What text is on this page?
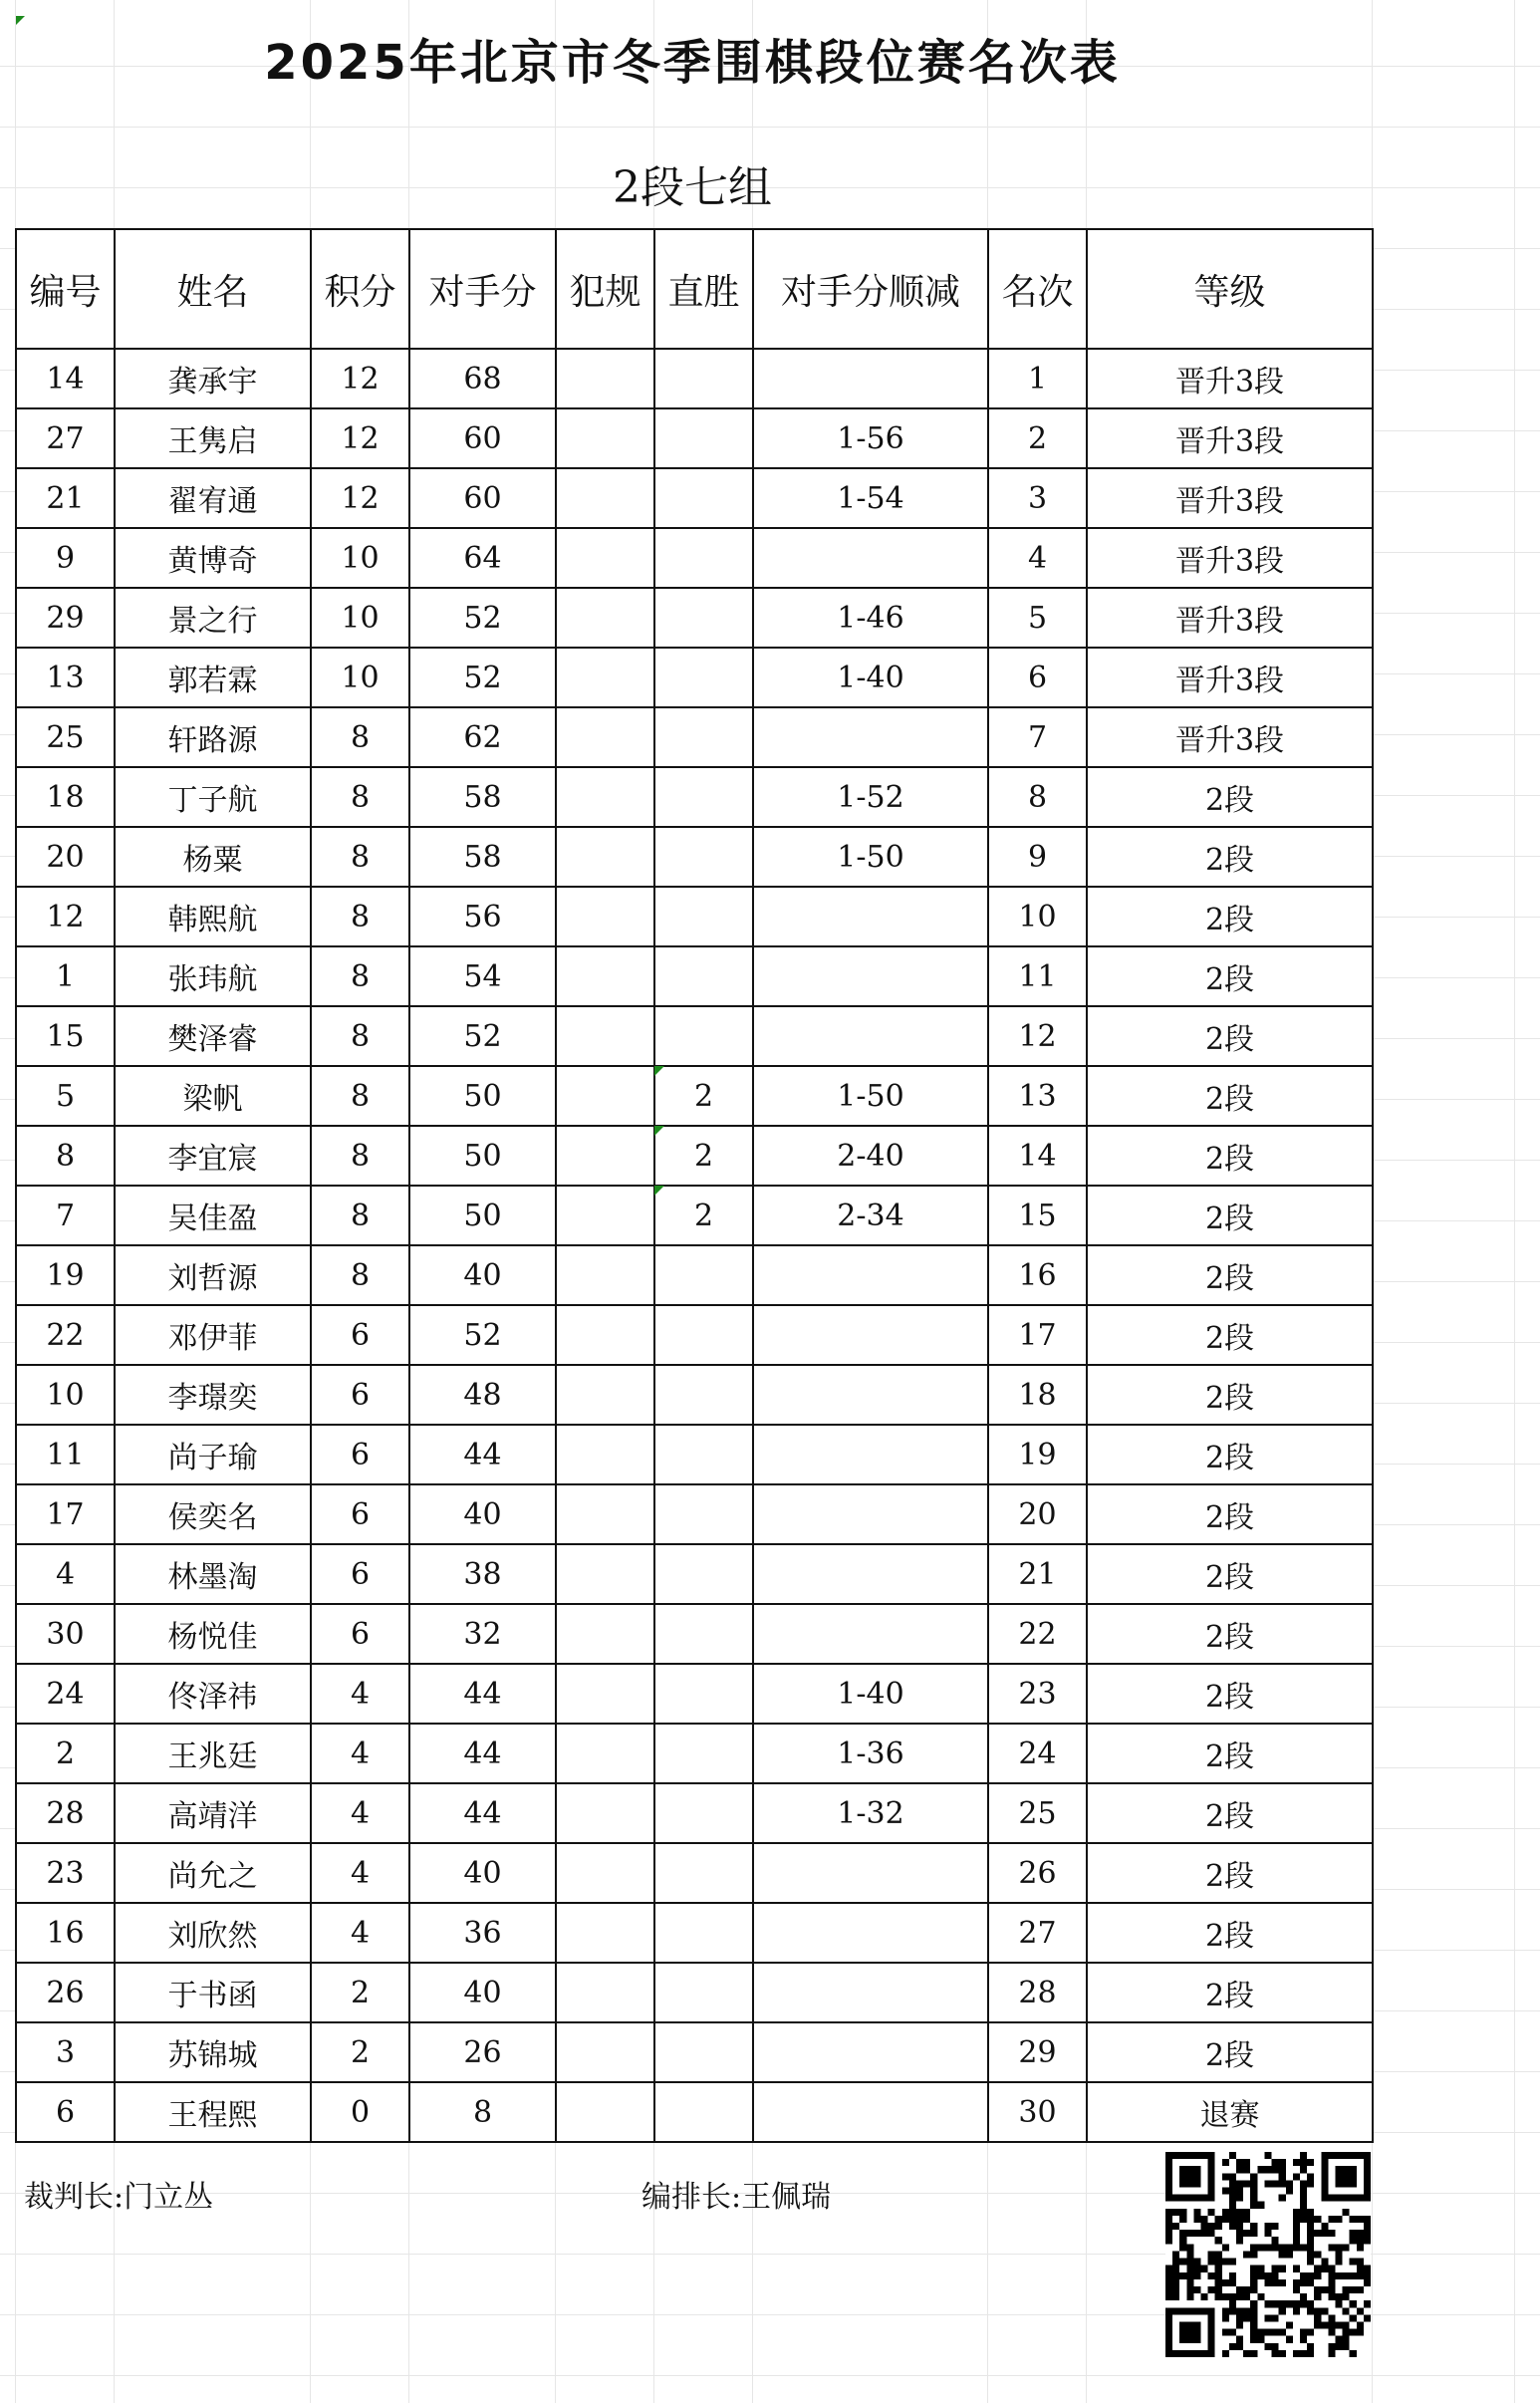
2025年北京市冬季围棋段位赛名次表
2段七组
编号	姓名	积分	对手分	犯规	直胜	对手分顺减	名次	等级
14	龚承宇	12	68				1	晋升3段
27	王隽启	12	60			1-56	2	晋升3段
21	翟宥通	12	60			1-54	3	晋升3段
9	黄博奇	10	64				4	晋升3段
29	景之行	10	52			1-46	5	晋升3段
13	郭若霖	10	52			1-40	6	晋升3段
25	轩路源	8	62				7	晋升3段
18	丁子航	8	58			1-52	8	2段
20	杨粟	8	58			1-50	9	2段
12	韩熙航	8	56				10	2段
1	张玮航	8	54				11	2段
15	樊泽睿	8	52				12	2段
5	梁帆	8	50		2	1-50	13	2段
8	李宜宸	8	50		2	2-40	14	2段
7	吴佳盈	8	50		2	2-34	15	2段
19	刘哲源	8	40				16	2段
22	邓伊菲	6	52				17	2段
10	李璟奕	6	48				18	2段
11	尚子瑜	6	44				19	2段
17	侯奕名	6	40				20	2段
4	林墨淘	6	38				21	2段
30	杨悦佳	6	32				22	2段
24	佟泽祎	4	44			1-40	23	2段
2	王兆廷	4	44			1-36	24	2段
28	高靖洋	4	44			1-32	25	2段
23	尚允之	4	40				26	2段
16	刘欣然	4	36				27	2段
26	于书函	2	40				28	2段
3	苏锦城	2	26				29	2段
6	王程熙	0	8				30	退赛
裁判长:门立丛	编排长:王佩瑞
